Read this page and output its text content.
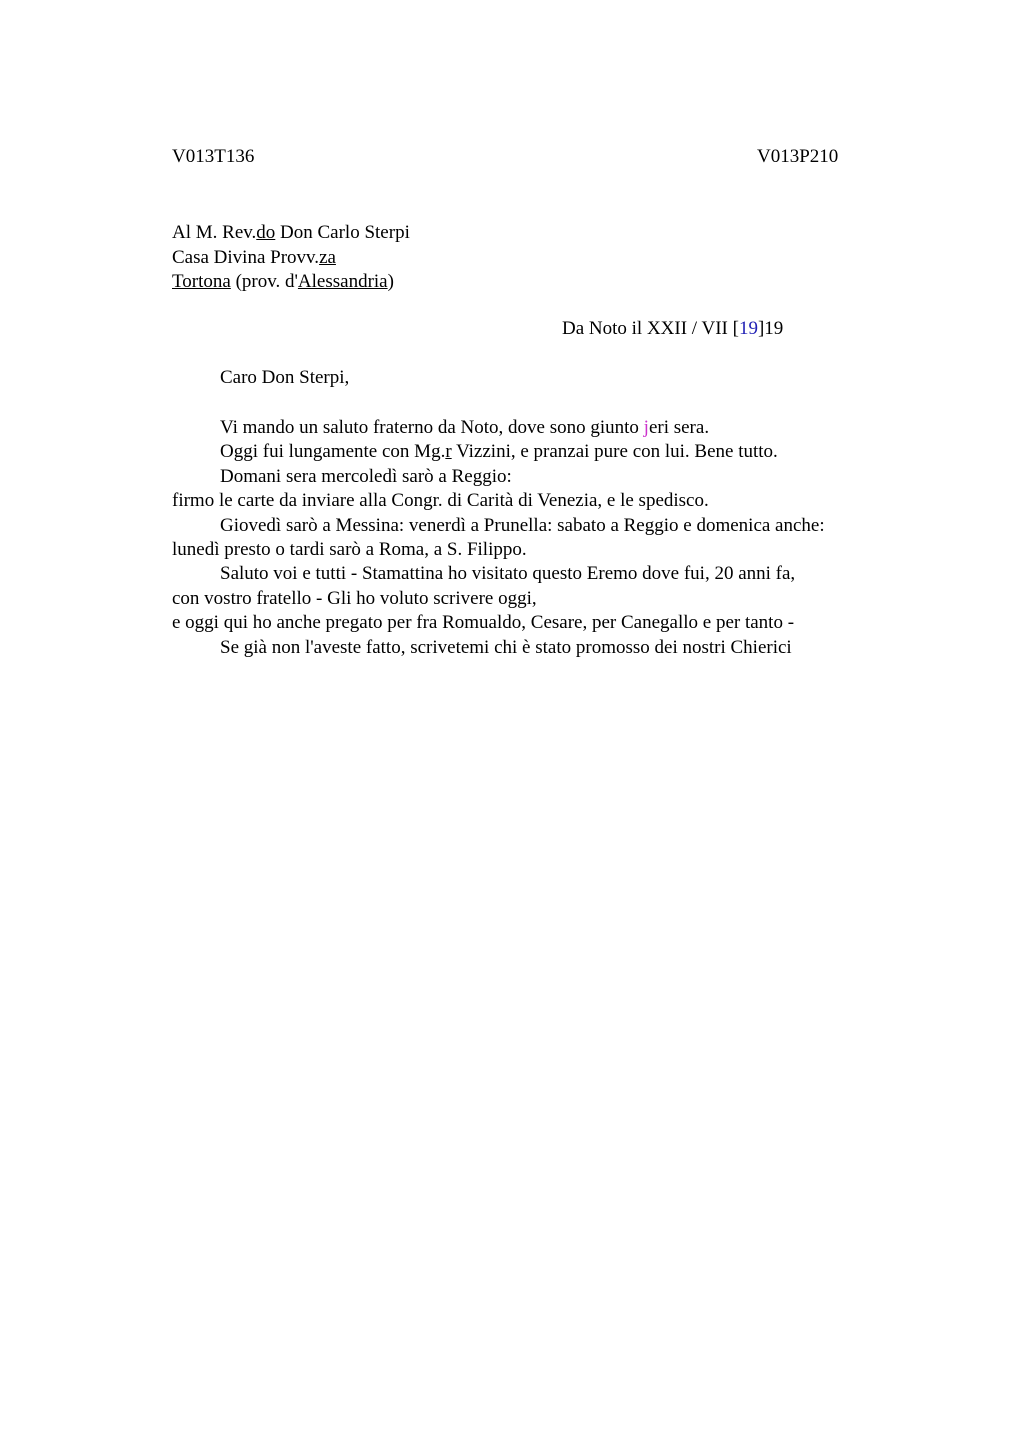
V013T136	V013P210
Al M. Rev.do Don Carlo Sterpi
Casa Divina Provv.za
Tortona (prov. d'Alessandria)
Da Noto il XXII / VII [19]19
Caro Don Sterpi,
Vi mando un saluto fraterno da Noto, dove sono giunto jeri sera.
Oggi fui lungamente con Mg.r Vizzini, e pranzai pure con lui. Bene tutto.
Domani sera mercoledì sarò a Reggio:
firmo le carte da inviare alla Congr. di Carità di Venezia, e le spedisco.
Giovedì sarò a Messina: venerdì a Prunella: sabato a Reggio e domenica anche:
lunedì presto o tardi sarò a Roma, a S. Filippo.
Saluto voi e tutti - Stamattina ho visitato questo Eremo dove fui, 20 anni fa,
con vostro fratello - Gli ho voluto scrivere oggi,
e oggi qui ho anche pregato per fra Romualdo, Cesare, per Canegallo e per tanto -
Se già non l'aveste fatto, scrivetemi chi è stato promosso dei nostri Chierici
